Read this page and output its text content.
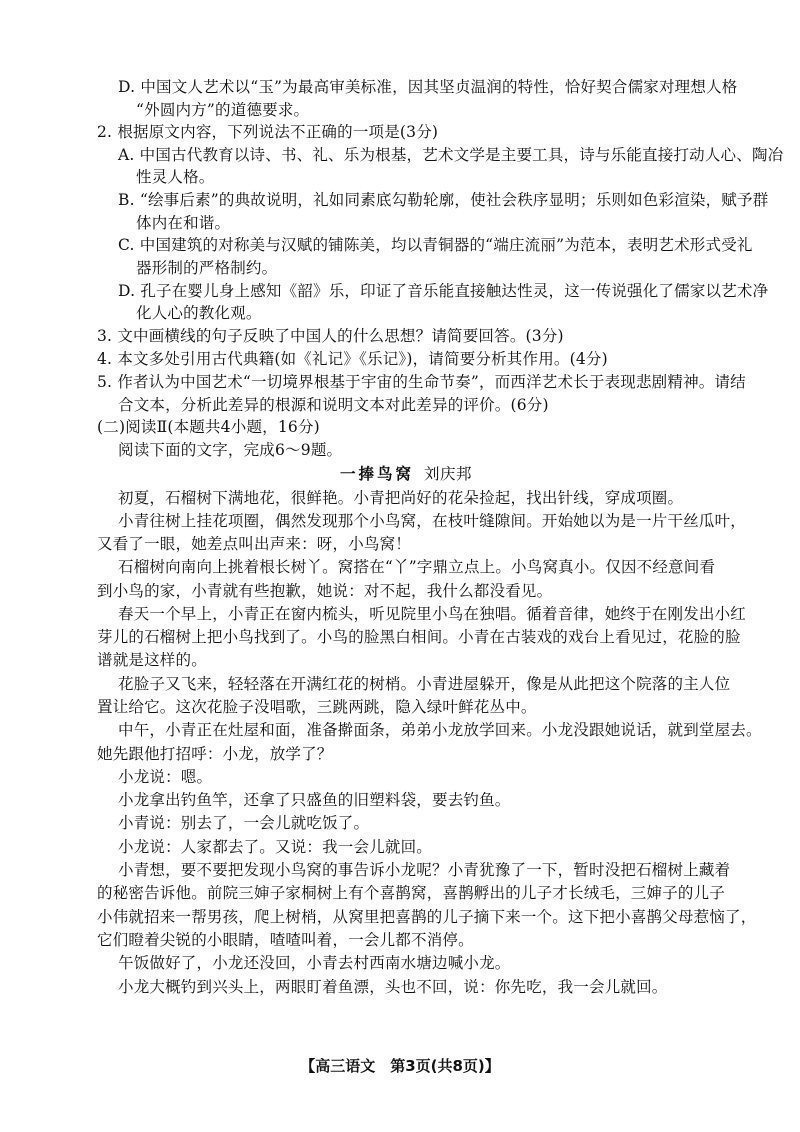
D. 中国文人艺术以“玉”为最高审美标准，因其坚贞温润的特性，恰好契合儒家对理想人格

“外圆内方”的道德要求。

2. 根据原文内容，下列说法不正确的一项是(3分)

A. 中国古代教育以诗、书、礼、乐为根基，艺术文学是主要工具，诗与乐能直接打动人心、陶冶

性灵人格。

B. “绘事后素”的典故说明，礼如同素底勾勒轮廓，使社会秩序显明；乐则如色彩渲染，赋予群

体内在和谐。

C. 中国建筑的对称美与汉赋的铺陈美，均以青铜器的“端庄流丽”为范本，表明艺术形式受礼

器形制的严格制约。

D. 孔子在婴儿身上感知《韶》乐，印证了音乐能直接触达性灵，这一传说强化了儒家以艺术净

化人心的教化观。

3. 文中画横线的句子反映了中国人的什么思想？请简要回答。(3分)

4. 本文多处引用古代典籍(如《礼记》《乐记》)，请简要分析其作用。(4分)

5. 作者认为中国艺术“一切境界根基于宇宙的生命节奏”，而西洋艺术长于表现悲剧精神。请结

合文本，分析此差异的根源和说明文本对此差异的评价。(6分)

(二)阅读Ⅱ(本题共4小题，16分)

阅读下面的文字，完成6～9题。

一捧鸟窝 刘庆邦

初夏，石榴树下满地花，很鲜艳。小青把尚好的花朵捡起，找出针线，穿成项圈。

小青往树上挂花项圈，偶然发现那个小鸟窝，在枝叶缝隙间。开始她以为是一片干丝瓜叶，

又看了一眼，她差点叫出声来：呀，小鸟窝！

石榴树向南向上挑着根长树丫。窝搭在“丫”字鼎立点上。小鸟窝真小。仅因不经意间看

到小鸟的家，小青就有些抱歉，她说：对不起，我什么都没看见。

春天一个早上，小青正在窗内梳头，听见院里小鸟在独唱。循着音律，她终于在刚发出小红

芽儿的石榴树上把小鸟找到了。小鸟的脸黑白相间。小青在古装戏的戏台上看见过，花脸的脸

谱就是这样的。

花脸子又飞来，轻轻落在开满红花的树梢。小青进屋躲开，像是从此把这个院落的主人位

置让给它。这次花脸子没唱歌，三跳两跳，隐入绿叶鲜花丛中。

中午，小青正在灶屋和面，准备擀面条，弟弟小龙放学回来。小龙没跟她说话，就到堂屋去。

她先跟他打招呼：小龙，放学了？

小龙说：嗯。

小龙拿出钓鱼竿，还拿了只盛鱼的旧塑料袋，要去钓鱼。

小青说：别去了，一会儿就吃饭了。

小龙说：人家都去了。又说：我一会儿就回。

小青想，要不要把发现小鸟窝的事告诉小龙呢？小青犹豫了一下，暂时没把石榴树上藏着

的秘密告诉他。前院三婶子家桐树上有个喜鹊窝，喜鹊孵出的儿子才长绒毛，三婶子的儿子

小伟就招来一帮男孩，爬上树梢，从窝里把喜鹊的儿子摘下来一个。这下把小喜鹊父母惹恼了，

它们瞪着尖锐的小眼睛，喳喳叫着，一会儿都不消停。

午饭做好了，小龙还没回，小青去村西南水塘边喊小龙。

小龙大概钓到兴头上，两眼盯着鱼漂，头也不回，说：你先吃，我一会儿就回。

【高三语文　第3页(共8页)】
